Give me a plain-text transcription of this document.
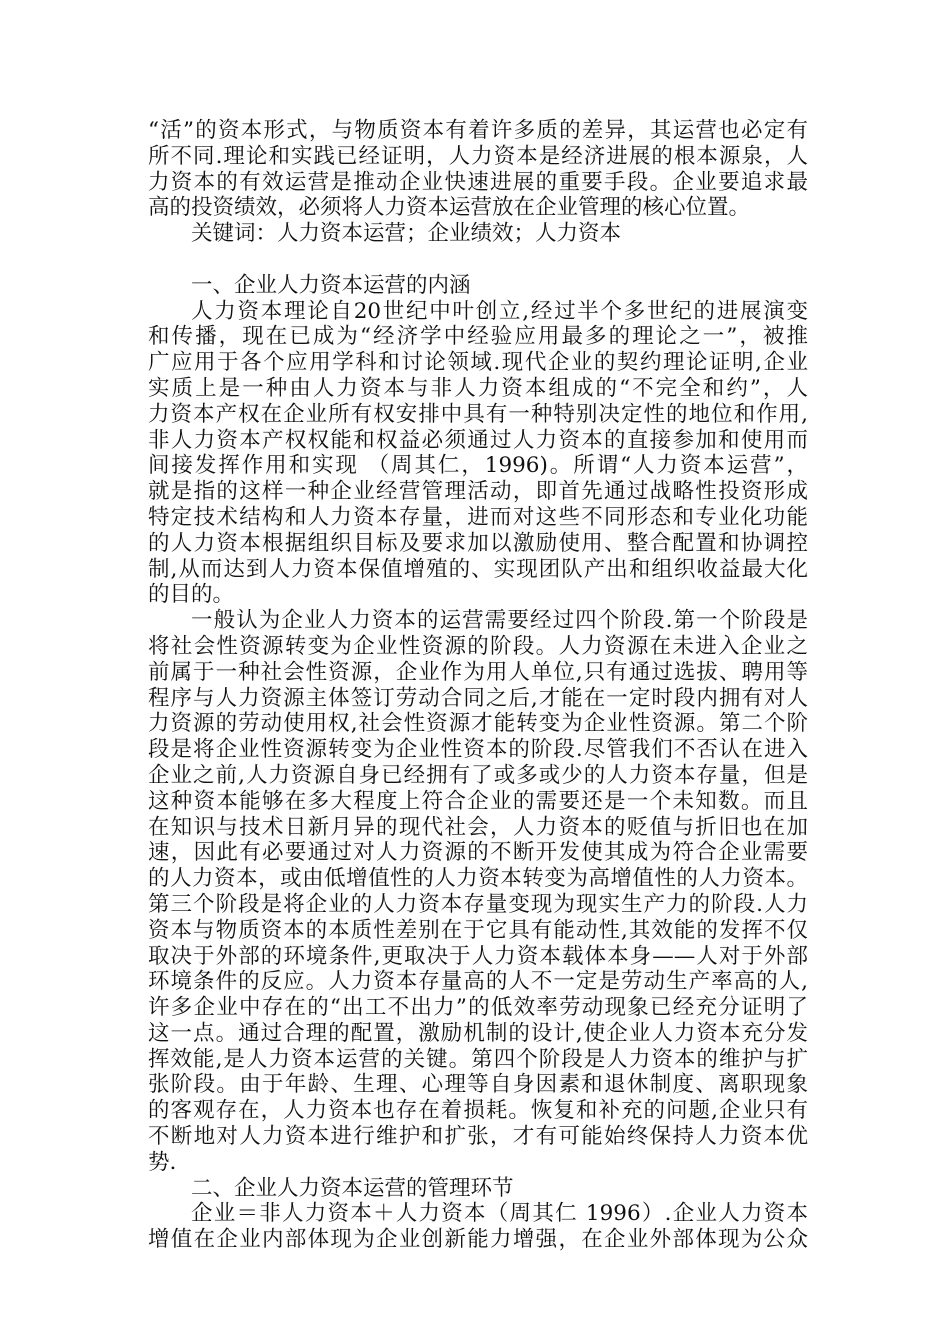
“活”的资本形式，与物质资本有着许多质的差异，其运营也必定有
所不同.理论和实践已经证明，人力资本是经济进展的根本源泉，人
力资本的有效运营是推动企业快速进展的重要手段。企业要追求最
高的投资绩效，必须将人力资本运营放在企业管理的核心位置。
关键词：人力资本运营；企业绩效；人力资本
一、企业人力资本运营的内涵
人力资本理论自20世纪中叶创立,经过半个多世纪的进展演变
和传播，现在已成为“经济学中经验应用最多的理论之一”，被推
广应用于各个应用学科和讨论领域.现代企业的契约理论证明,企业
实质上是一种由人力资本与非人力资本组成的“不完全和约”，人
力资本产权在企业所有权安排中具有一种特别决定性的地位和作用,
非人力资本产权权能和权益必须通过人力资本的直接参加和使用而
间接发挥作用和实现 （周其仁，1996)。所谓“人力资本运营”，
就是指的这样一种企业经营管理活动，即首先通过战略性投资形成
特定技术结构和人力资本存量，进而对这些不同形态和专业化功能
的人力资本根据组织目标及要求加以激励使用、整合配置和协调控
制,从而达到人力资本保值增殖的、实现团队产出和组织收益最大化
的目的。
一般认为企业人力资本的运营需要经过四个阶段.第一个阶段是
将社会性资源转变为企业性资源的阶段。人力资源在未进入企业之
前属于一种社会性资源，企业作为用人单位,只有通过选拔、聘用等
程序与人力资源主体签订劳动合同之后,才能在一定时段内拥有对人
力资源的劳动使用权,社会性资源才能转变为企业性资源。第二个阶
段是将企业性资源转变为企业性资本的阶段.尽管我们不否认在进入
企业之前,人力资源自身已经拥有了或多或少的人力资本存量，但是
这种资本能够在多大程度上符合企业的需要还是一个未知数。而且
在知识与技术日新月异的现代社会，人力资本的贬值与折旧也在加
速，因此有必要通过对人力资源的不断开发使其成为符合企业需要
的人力资本，或由低增值性的人力资本转变为高增值性的人力资本。
第三个阶段是将企业的人力资本存量变现为现实生产力的阶段.人力
资本与物质资本的本质性差别在于它具有能动性,其效能的发挥不仅
取决于外部的环境条件,更取决于人力资本载体本身——人对于外部
环境条件的反应。人力资本存量高的人不一定是劳动生产率高的人,
许多企业中存在的“出工不出力”的低效率劳动现象已经充分证明了
这一点。通过合理的配置，激励机制的设计,使企业人力资本充分发
挥效能,是人力资本运营的关键。第四个阶段是人力资本的维护与扩
张阶段。由于年龄、生理、心理等自身因素和退休制度、离职现象
的客观存在，人力资本也存在着损耗。恢复和补充的问题,企业只有
不断地对人力资本进行维护和扩张，才有可能始终保持人力资本优
势.
二、企业人力资本运营的管理环节
企业＝非人力资本＋人力资本（周其仁 1996）.企业人力资本
增值在企业内部体现为企业创新能力增强，在企业外部体现为公众
